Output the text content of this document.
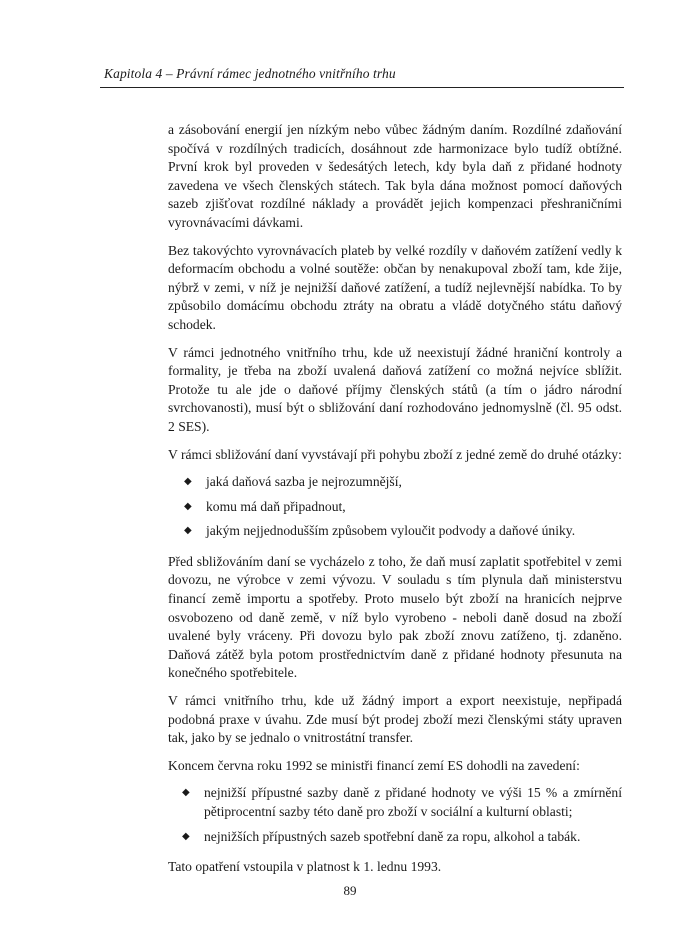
Kapitola 4 – Právní rámec jednotného vnitřního trhu

a zásobování energií jen nízkým nebo vůbec žádným daním. Rozdílné zdaňování spočívá v rozdílných tradicích, dosáhnout zde harmonizace bylo tudíž obtížné. První krok byl proveden v šedesátých letech, kdy byla daň z přidané hodnoty zavedena ve všech členských státech. Tak byla dána možnost pomocí daňových sazeb zjišťovat rozdílné náklady a provádět jejich kompenzaci přeshraničními vyrovnávacími dávkami.

Bez takovýchto vyrovnávacích plateb by velké rozdíly v daňovém zatížení vedly k deformacím obchodu a volné soutěže: občan by nenakupoval zboží tam, kde žije, nýbrž v zemi, v níž je nejnižší daňové zatížení, a tudíž nejlevnější nabídka. To by způsobilo domácímu obchodu ztráty na obratu a vládě dotyčného státu daňový schodek.

V rámci jednotného vnitřního trhu, kde už neexistují žádné hraniční kontroly a formality, je třeba na zboží uvalená daňová zatížení co možná nejvíce sblížit. Protože tu ale jde o daňové příjmy členských států (a tím o jádro národní svrchovanosti), musí být o sbližování daní rozhodováno jednomyslně (čl. 95 odst. 2 SES).

V rámci sbližování daní vyvstávají při pohybu zboží z jedné země do druhé otázky:

◆ jaká daňová sazba je nejrozumnější,
◆ komu má daň připadnout,
◆ jakým nejjednodušším způsobem vyloučit podvody a daňové úniky.

Před sbližováním daní se vycházelo z toho, že daň musí zaplatit spotřebitel v zemi dovozu, ne výrobce v zemi vývozu. V souladu s tím plynula daň ministerstvu financí země importu a spotřeby. Proto muselo být zboží na hranicích nejprve osvobozeno od daně země, v níž bylo vyrobeno - neboli daně dosud na zboží uvalené byly vráceny. Při dovozu bylo pak zboží znovu zatíženo, tj. zdaněno. Daňová zátěž byla potom prostřednictvím daně z přidané hodnoty přesunuta na konečného spotřebitele.

V rámci vnitřního trhu, kde už žádný import a export neexistuje, nepřipadá podobná praxe v úvahu. Zde musí být prodej zboží mezi členskými státy upraven tak, jako by se jednalo o vnitrostátní transfer.

Koncem června roku 1992 se ministři financí zemí ES dohodli na zavedení:

◆ nejnižší přípustné sazby daně z přidané hodnoty ve výši 15 % a zmírnění pětiprocentní sazby této daně pro zboží v sociální a kulturní oblasti;
◆ nejnižších přípustných sazeb spotřební daně za ropu, alkohol a tabák.

Tato opatření vstoupila v platnost k 1. lednu 1993.

89
